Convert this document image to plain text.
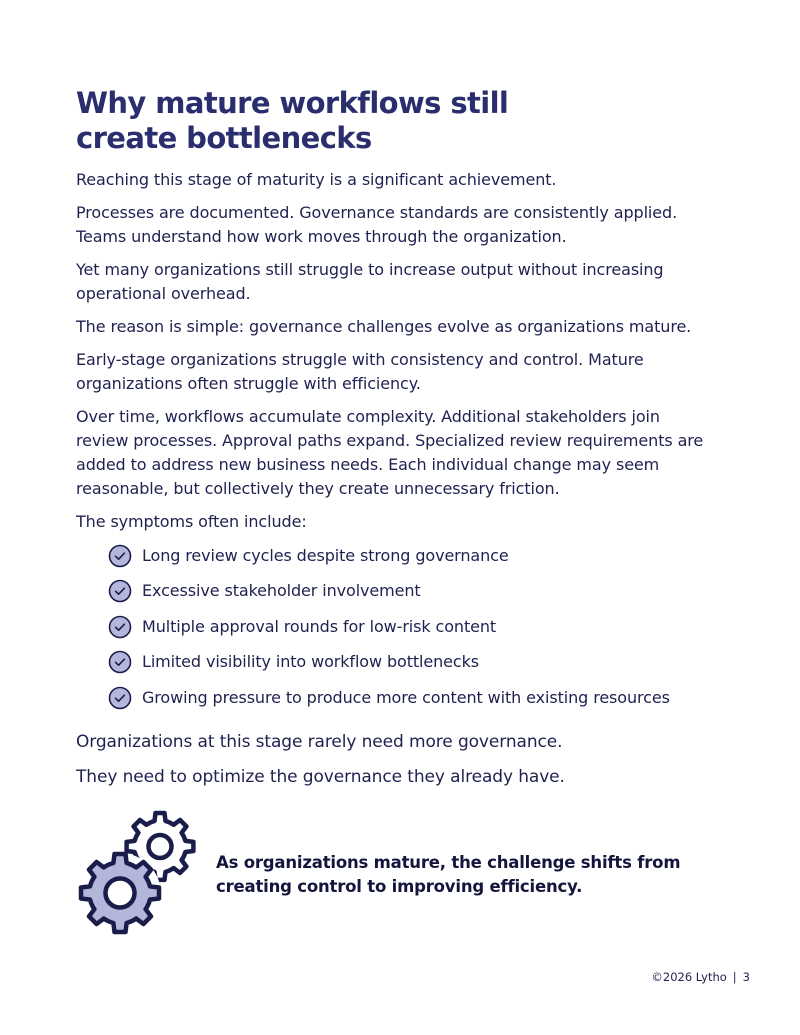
Why mature workflows still create bottlenecks

Reaching this stage of maturity is a significant achievement.

Processes are documented. Governance standards are consistently applied. Teams understand how work moves through the organization.

Yet many organizations still struggle to increase output without increasing operational overhead.

The reason is simple: governance challenges evolve as organizations mature.

Early-stage organizations struggle with consistency and control. Mature organizations often struggle with efficiency.

Over time, workflows accumulate complexity. Additional stakeholders join review processes. Approval paths expand. Specialized review requirements are added to address new business needs. Each individual change may seem reasonable, but collectively they create unnecessary friction.

The symptoms often include:

Long review cycles despite strong governance
Excessive stakeholder involvement
Multiple approval rounds for low-risk content
Limited visibility into workflow bottlenecks
Growing pressure to produce more content with existing resources

Organizations at this stage rarely need more governance.

They need to optimize the governance they already have.

As organizations mature, the challenge shifts from creating control to improving efficiency.

©2026 Lytho | 3
